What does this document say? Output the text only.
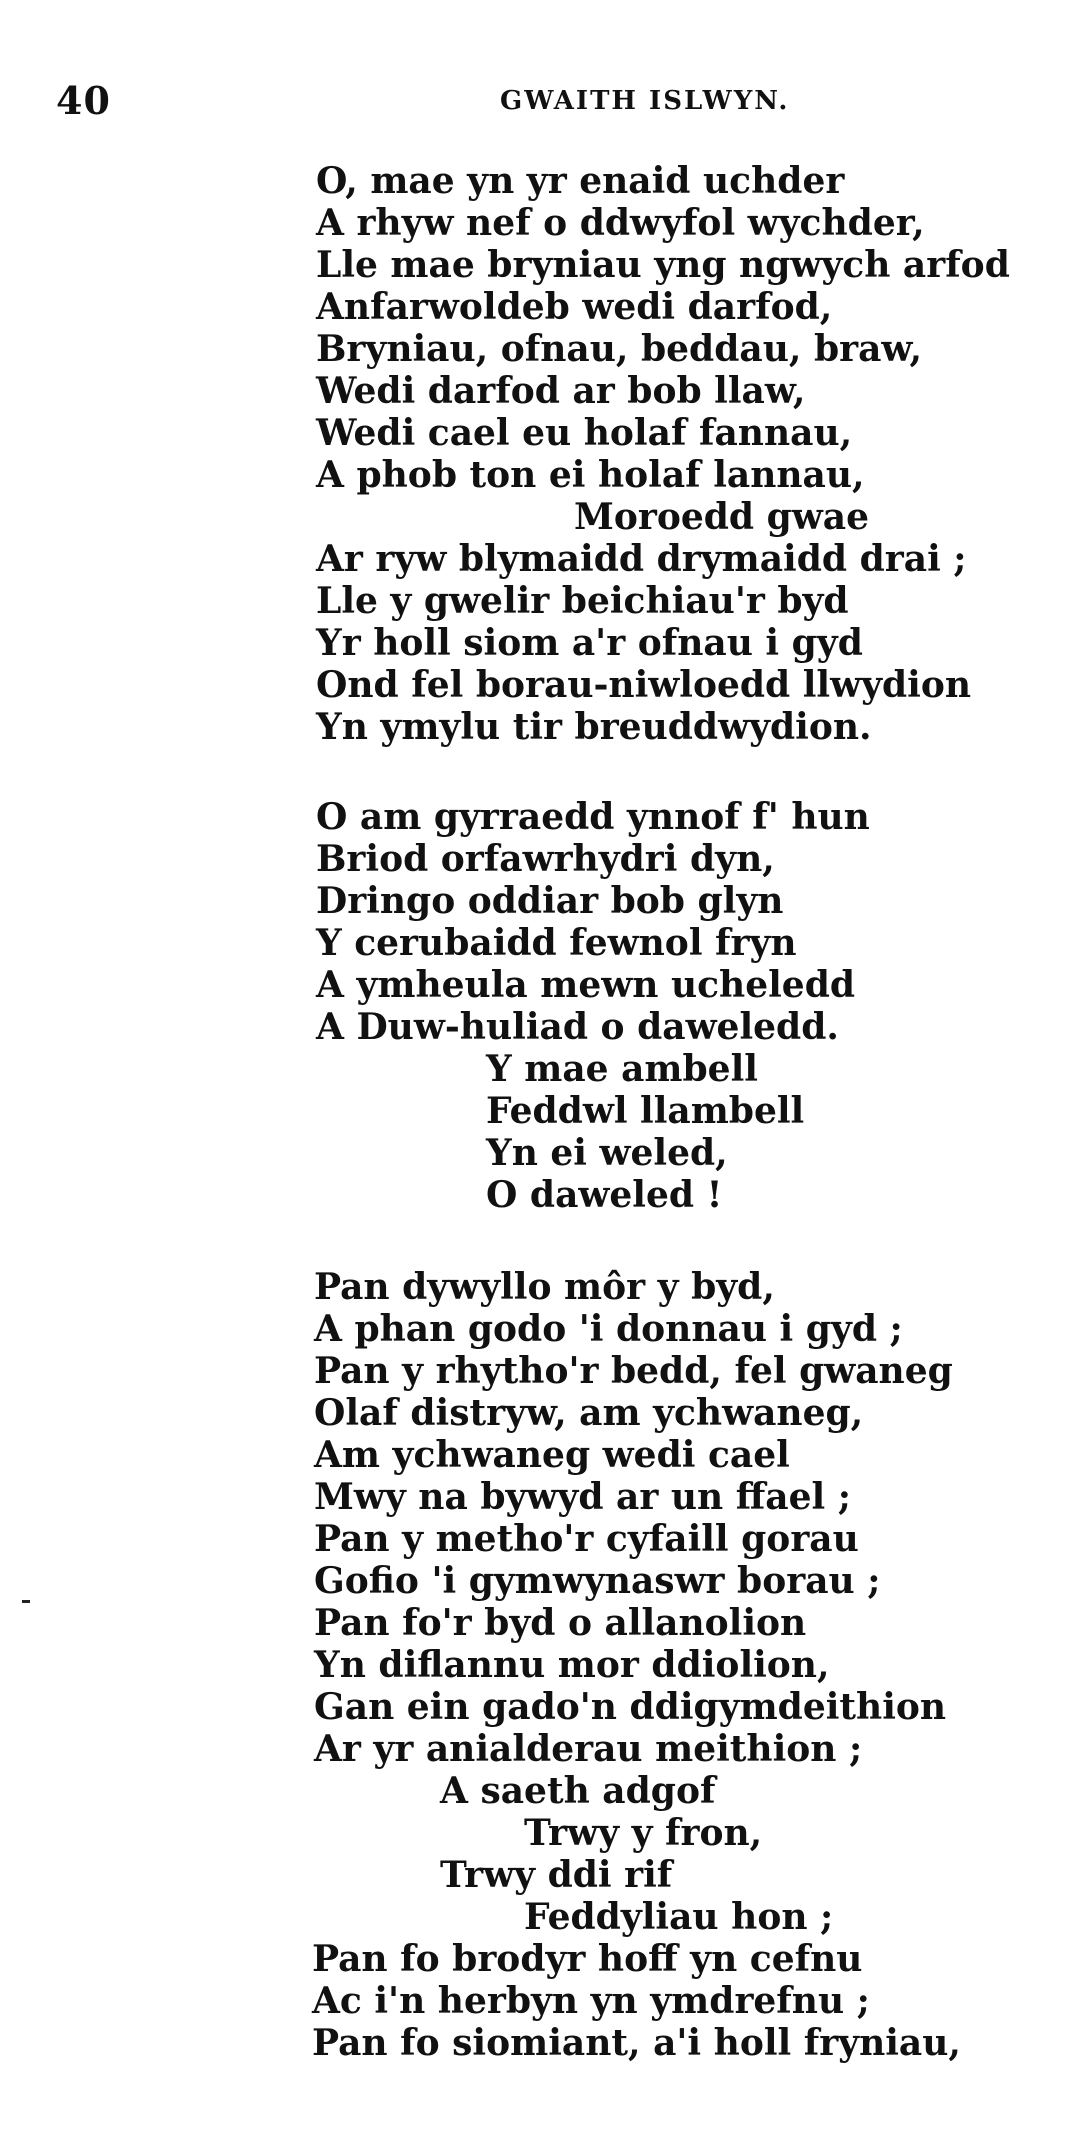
40	GWAITH ISLWYN.
O, mae yn yr enaid uchder
A rhyw nef o ddwyfol wychder,
Lle mae bryniau yng ngwych arfod
Anfarwoldeb wedi darfod,
Bryniau, ofnau, beddau, braw,
Wedi darfod ar bob llaw,
Wedi cael eu holaf fannau,
A phob ton ei holaf lannau,
Moroedd gwae
Ar ryw blymaidd drymaidd drai ;
Lle y gwelir beichiau'r byd
Yr holl siom a'r ofnau i gyd
Ond fel borau-niwloedd llwydion
Yn ymylu tir breuddwydion.
O am gyrraedd ynnof f' hun
Briod orfawrhydri dyn,
Dringo oddiar bob glyn
Y cerubaidd fewnol fryn
A ymheula mewn ucheledd
A Duw-huliad o daweledd.
Y mae ambell
Feddwl llambell
Yn ei weled,
O daweled !
Pan dywyllo môr y byd,
A phan godo 'i donnau i gyd ;
Pan y rhytho'r bedd, fel gwaneg
Olaf distryw, am ychwaneg,
Am ychwaneg wedi cael
Mwy na bywyd ar un ffael ;
Pan y metho'r cyfaill gorau
Gofio 'i gymwynaswr borau ;
Pan fo'r byd o allanolion
Yn diflannu mor ddiolion,
Gan ein gado'n ddigymdeithion
Ar yr anialderau meithion ;
A saeth adgof
Trwy y fron,
Trwy ddi rif
Feddyliau hon ;
Pan fo brodyr hoff yn cefnu
Ac i'n herbyn yn ymdrefnu ;
Pan fo siomiant, a'i holl fryniau,
